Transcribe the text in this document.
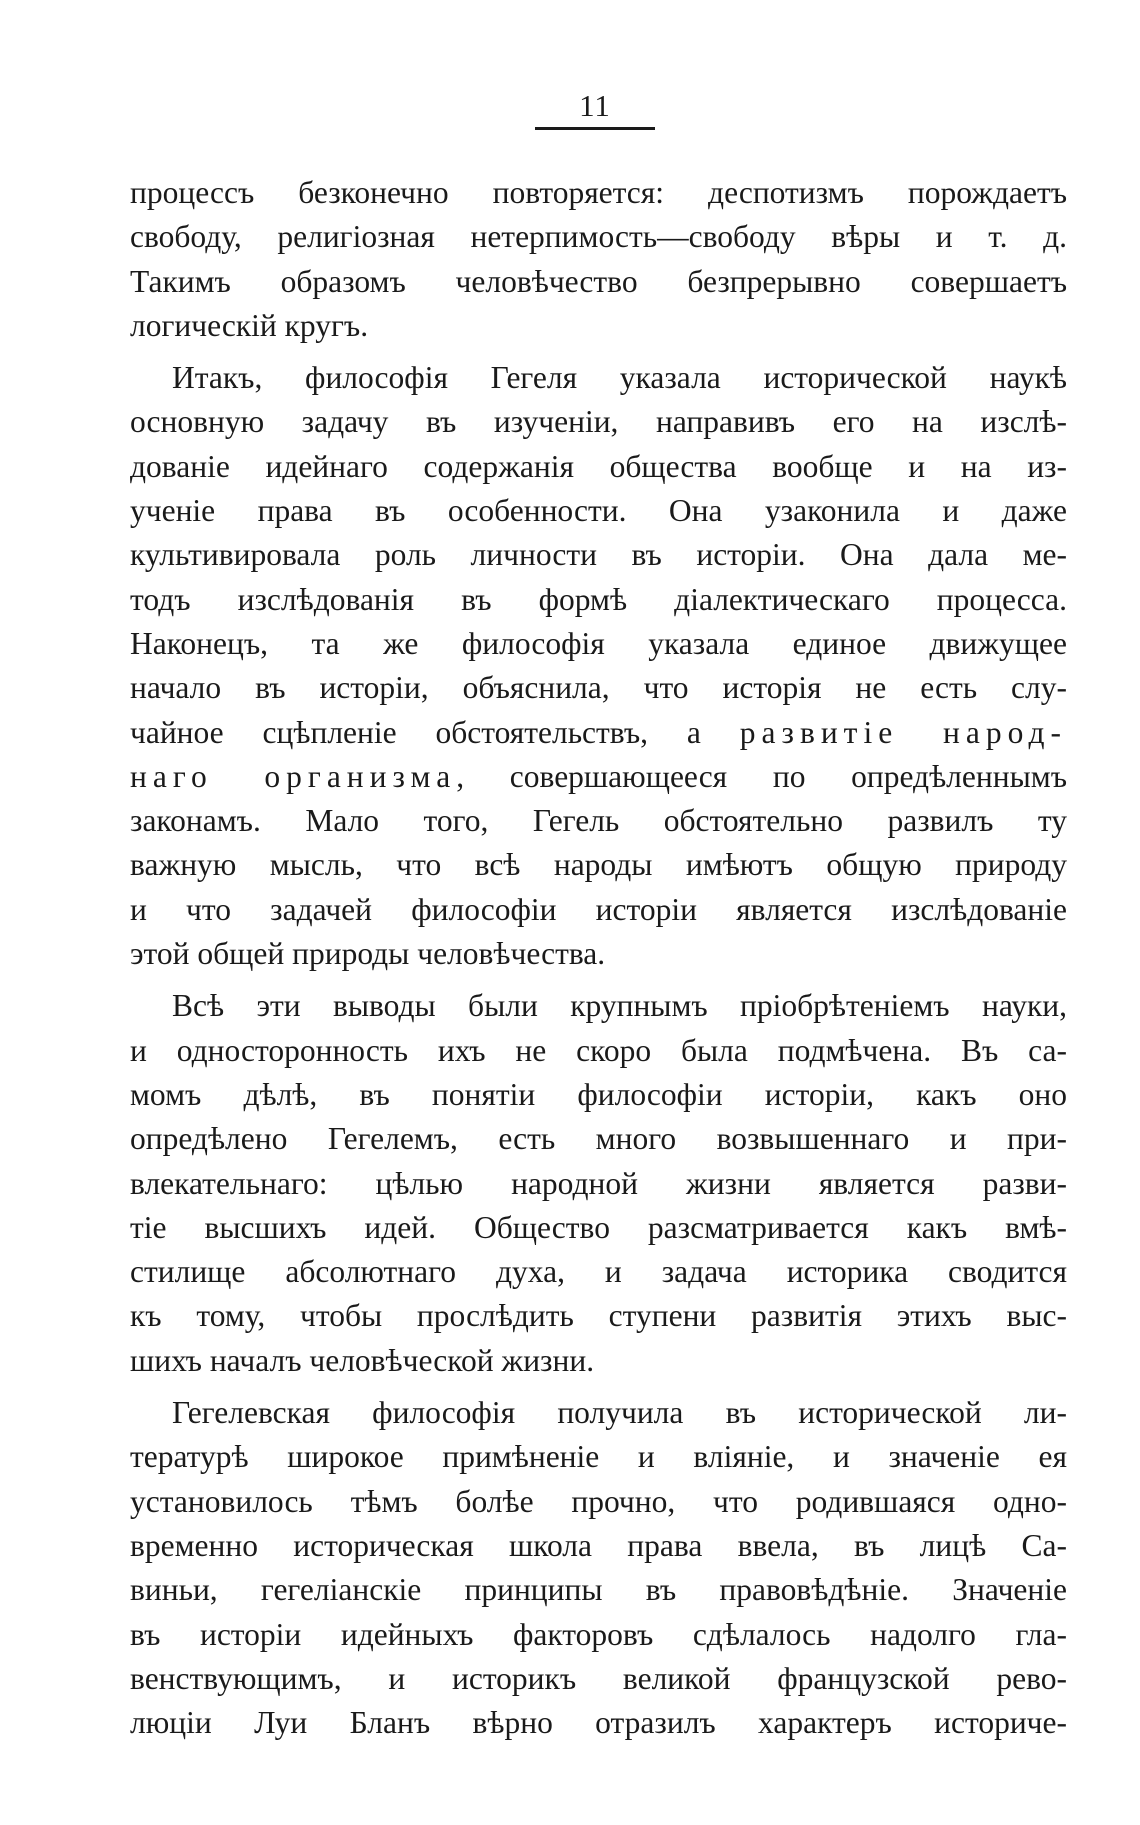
11
процессъ безконечно повторяется: деспотизмъ порождаетъ
свободу, религiозная нетерпимость—свободу вѣры и т. д.
Такимъ образомъ человѣчество безпрерывно совершаетъ
логическiй кругъ.
Итакъ, философiя Гегеля указала исторической наукѣ
основную задачу въ изученiи, направивъ его на изслѣ-
дованiе идейнаго содержанiя общества вообще и на из-
ученiе права въ особенности. Она узаконила и даже
культивировала роль личности въ исторiи. Она дала ме-
тодъ изслѣдованiя въ формѣ дiалектическаго процесса.
Наконецъ, та же философiя указала единое движущее
начало въ исторiи, объяснила, что исторiя не есть слу-
чайное сцѣпленiе обстоятельствъ, а развитiе народ-
наго организма, совершающееся по опредѣленнымъ
законамъ. Мало того, Гегель обстоятельно развилъ ту
важную мысль, что всѣ народы имѣютъ общую природу
и что задачей философiи исторiи является изслѣдованiе
этой общей природы человѣчества.
Всѣ эти выводы были крупнымъ прiобрѣтенiемъ науки,
и односторонность ихъ не скоро была подмѣчена. Въ са-
момъ дѣлѣ, въ понятiи философiи исторiи, какъ оно
опредѣлено Гегелемъ, есть много возвышеннаго и при-
влекательнаго: цѣлью народной жизни является разви-
тiе высшихъ идей. Общество разсматривается какъ вмѣ-
стилище абсолютнаго духа, и задача историка сводится
къ тому, чтобы прослѣдить ступени развитiя этихъ выс-
шихъ началъ человѣческой жизни.
Гегелевская философiя получила въ исторической ли-
тературѣ широкое примѣненiе и влiянiе, и значенiе ея
установилось тѣмъ болѣе прочно, что родившаяся одно-
временно историческая школа права ввела, въ лицѣ Са-
виньи, гегелiанскiе принципы въ правовѣдѣнiе. Значенiе
въ исторiи идейныхъ факторовъ сдѣлалось надолго гла-
венствующимъ, и историкъ великой французской рево-
люцiи Луи Бланъ вѣрно отразилъ характеръ историче-
